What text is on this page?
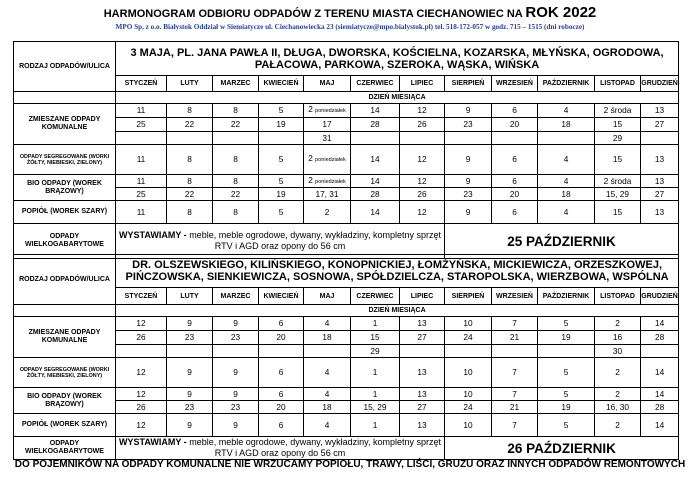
HARMONOGRAM ODBIORU ODPADÓW Z TERENU MIASTA CIECHANOWIEC NA ROK 2022
MPO Sp. z o.o. Białystok Oddział w Siemiatycze ul. Ciechanowiecka 23 (siemiatycze@mpo.bialystok.pl) tel. 518-172-057 w godz. 715 – 1515 (dni robocze)
RODZAJ ODPADÓW/ULICA	3 MAJA, PL. JANA PAWŁA II, DŁUGA, DWORSKA, KOŚCIELNA, KOZARSKA, MŁYŃSKA, OGRODOWA, PAŁACOWA, PARKOWA, SZEROKA, WĄSKA, WIŃSKA											
	STYCZEŃ	LUTY	MARZEC	KWIECIEŃ	MAJ	CZERWIEC	LIPIEC	SIERPIEŃ	WRZESIEŃ	PAŹDZIERNIK	LISTOPAD	GRUDZIEŃ
	DZIEŃ MIESIĄCA											
ZMIESZANE ODPADY KOMUNALNE	11	8	8	5	2 poniedziałek	14	12	9	6	4	2 środa	13
	25	22	22	19	17	28	26	23	20	18	15	27
					31						29	
ODPADY SEGREGOWANE (WORKI ŻÓŁTY, NIEBIESKI, ZIELONY)	11	8	8	5	2 poniedziałek	14	12	9	6	4	15	13
BIO ODPADY (WOREK BRĄZOWY)	11	8	8	5	2 poniedziałek	14	12	9	6	4	2 środa	13
	25	22	22	19	17, 31	28	26	23	20	18	15, 29	27
POPIÓŁ (WOREK SZARY)	11	8	8	5	2	14	12	9	6	4	15	13
ODPADY WIELKOGABARYTOWE	WYSTAWIAMY - meble, meble ogrodowe, dywany, wykładziny, kompletny sprzęt RTV i AGD oraz opony do 56 cm							25 PAŹDZIERNIK				
RODZAJ ODPADÓW/ULICA	DR. OLSZEWSKIEGO, KILIŃSKIEGO, KONOPNICKIEJ, ŁOMŻYŃSKA, MICKIEWICZA, ORZESZKOWEJ, PIŃCZOWSKA, SIENKIEWICZA, SOSNOWA, SPÓŁDZIELCZA, STAROPOLSKA, WIERZBOWA, WSPÓLNA											
	STYCZEŃ	LUTY	MARZEC	KWIECIEŃ	MAJ	CZERWIEC	LIPIEC	SIERPIEŃ	WRZESIEŃ	PAŹDZIERNIK	LISTOPAD	GRUDZIEŃ
	DZIEŃ MIESIĄCA											
ZMIESZANE ODPADY KOMUNALNE	12	9	9	6	4	1	13	10	7	5	2	14
	26	23	23	20	18	15	27	24	21	19	16	28
						29					30	
ODPADY SEGREGOWANE (WORKI ŻÓŁTY, NIEBIESKI, ZIELONY)	12	9	9	6	4	1	13	10	7	5	2	14
BIO ODPADY (WOREK BRĄZOWY)	12	9	9	6	4	1	13	10	7	5	2	14
	26	23	23	20	18	15, 29	27	24	21	19	16, 30	28
POPIÓŁ (WOREK SZARY)	12	9	9	6	4	1	13	10	7	5	2	14
ODPADY WIELKOGABARYTOWE	WYSTAWIAMY - meble, meble ogrodowe, dywany, wykładziny, kompletny sprzęt RTV i AGD oraz opony do 56 cm							26 PAŹDZIERNIK				
DO POJEMNIKÓW NA ODPADY KOMUNALNE NIE WRZUCAMY POPIOŁU, TRAWY, LIŚCI, GRUZU ORAZ INNYCH ODPADÓW REMONTOWYCH
